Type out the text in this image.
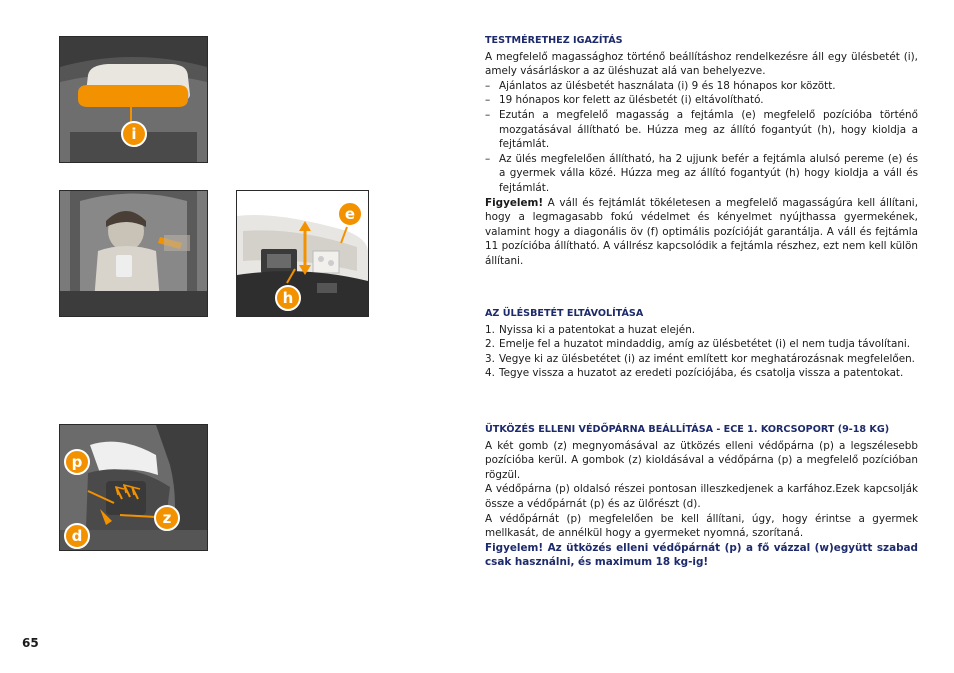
i
e
h
p
z
d

TESTMÉRETHEZ IGAZÍTÁS

A megfelelő magassághoz történő beállításhoz rendelkezésre áll egy ülésbetét (i), amely vásárláskor a az üléshuzat alá van behelyezve.

– Ajánlatos az ülésbetét használata (i) 9 és 18 hónapos kor között.

– 19 hónapos kor felett az ülésbetét (i) eltávolítható.

– Ezután a megfelelő magasság a fejtámla (e) megfelelő pozícióba történő mozgatásával állítható be. Húzza meg az állító fogantyút (h), hogy kioldja a fejtámlát.

– Az ülés megfelelően állítható, ha 2 ujjunk befér a fejtámla alulsó pereme (e) és a gyermek válla közé. Húzza meg az állító fogantyút (h) hogy kioldja a váll és fejtámlát.

Figyelem! A váll és fejtámlát tökéletesen a megfelelő magasságúra kell állítani, hogy a legmagasabb fokú védelmet és kényelmet nyújthassa gyermekének, valamint hogy a diagonális öv (f) optimális pozícióját garantálja. A váll és fejtámla 11 pozícióba állítható. A vállrész kapcsolódik a fejtámla részhez, ezt nem kell külön állítani.

AZ ÜLÉSBETÉT ELTÁVOLÍTÁSA

1. Nyissa ki a patentokat a huzat elején.

2. Emelje fel a huzatot mindaddig, amíg az ülésbetétet (i) el nem tudja távolítani.

3. Vegye ki az ülésbetétet (i) az imént említett kor meghatározásnak megfelelően.

4. Tegye vissza a huzatot az eredeti pozíciójába, és csatolja vissza a patentokat.

ÜTKÖZÉS ELLENI VÉDŐPÁRNA BEÁLLÍTÁSA - ECE 1. KORCSOPORT (9-18 KG)

A két gomb (z) megnyomásával az ütközés elleni védőpárna (p) a legszélesebb pozícióba kerül. A gombok (z) kioldásával a védőpárna (p) a megfelelő pozícióban rögzül.

A védőpárna (p) oldalsó részei pontosan illeszkedjenek a karfához.Ezek kapcsolják össze a védőpárnát (p) és az ülőrészt (d).

A védőpárnát (p) megfelelően be kell állítani, úgy, hogy érintse a gyermek mellkasát, de annélkül hogy a gyermeket nyomná, szorítaná.

Figyelem! Az ütközés elleni védőpárnát (p) a fő vázzal (w)együtt szabad csak használni, és maximum 18 kg-ig!

65
